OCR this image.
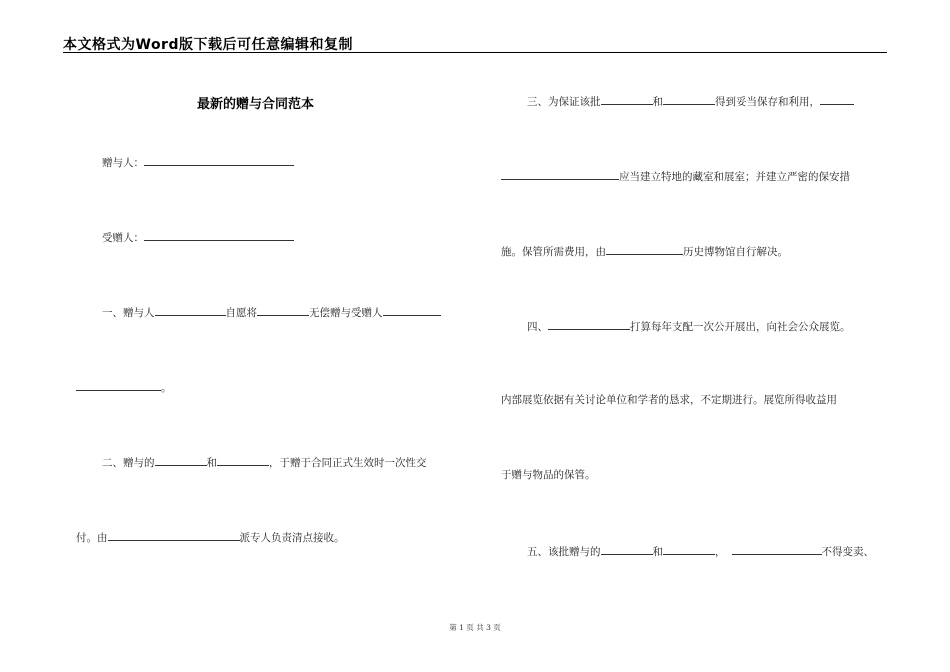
本文格式为Word版下载后可任意编辑和复制
最新的赠与合同范本
赠与人：
受赠人：
一、赠与人	自愿将	无偿赠与受赠人
。
二、赠与的	和	，于赠于合同正式生效时一次性交
付。由	派专人负责清点接收。
三、为保证该批	和	得到妥当保存和利用，
应当建立特地的藏室和展室；并建立严密的保安措
施。保管所需费用，由	历史博物馆自行解决。
四、	打算每年支配一次公开展出，向社会公众展览。
内部展览依据有关讨论单位和学者的恳求，不定期进行。展览所得收益用
于赠与物品的保管。
五、该批赠与的	和	，	不得变卖、
第 1 页 共 3 页
